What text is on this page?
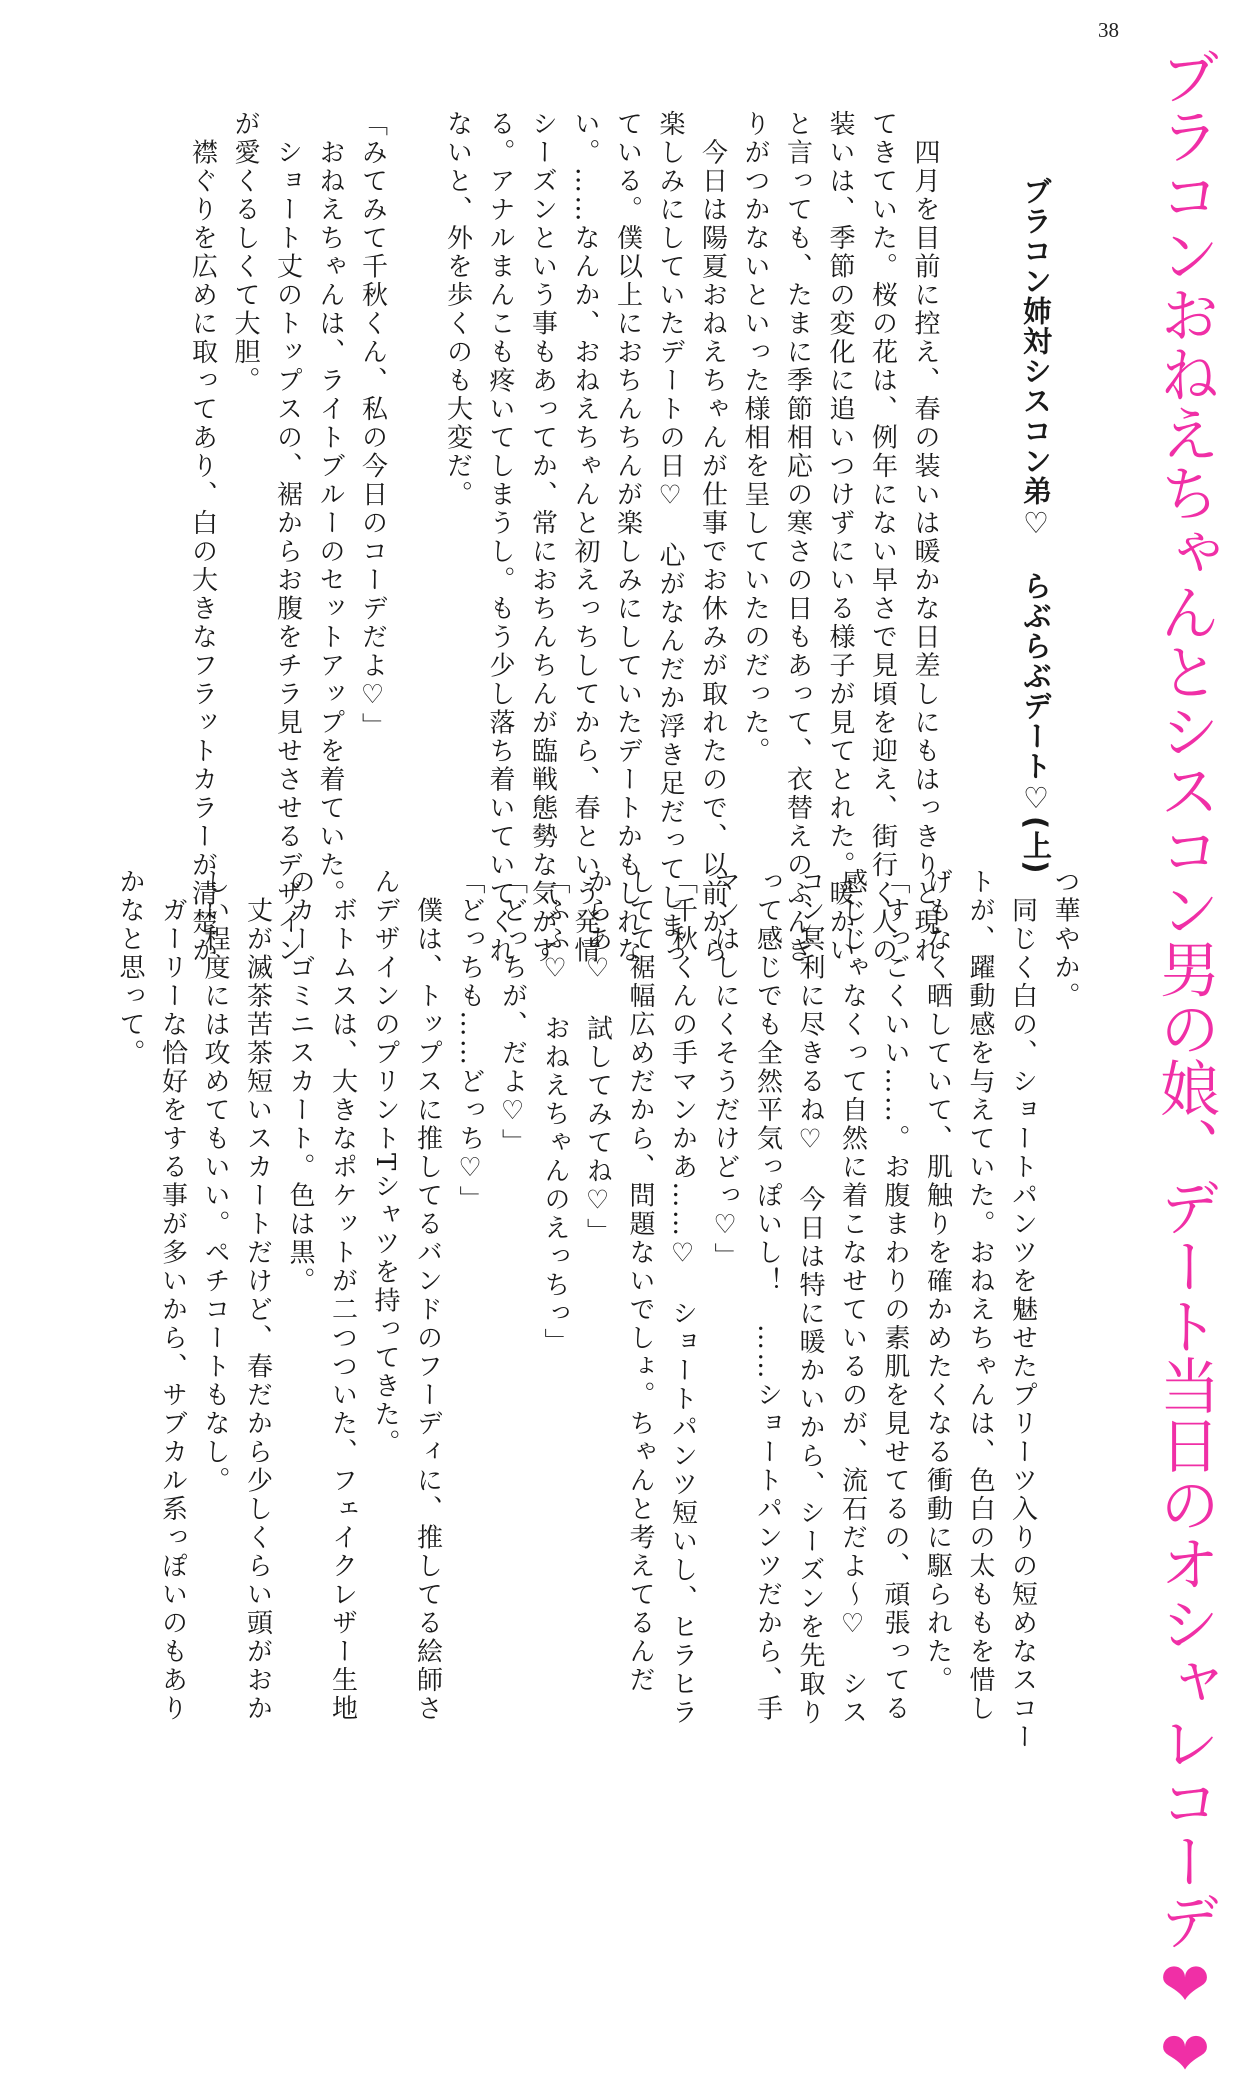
38
ブラコンおねえちゃんとシスコン男の娘、デート当日のオシャレコーデ❤❤
ブラコン姉対シスコン弟♡　らぶらぶデート♡(上)

　四月を目前に控え、春の装いは暖かな日差しにもはっきりと現れ

てきていた。桜の花は、例年にない早さで見頃を迎え、街行く人の

装いは、季節の変化に追いつけずにいる様子が見てとれた。暖かい

と言っても、たまに季節相応の寒さの日もあって、衣替えのふんぎ

りがつかないといった様相を呈していたのだった。

　今日は陽夏おねえちゃんが仕事でお休みが取れたので、以前から

楽しみにしていたデートの日♡　心がなんだか浮き足だってしまっ

ている。僕以上におちんちんが楽しみにしていたデートかもしれな

い。……なんか、おねえちゃんと初えっちしてから、春という発情

シーズンという事もあってか、常におちんちんが臨戦態勢な気がす

る。アナルまんこも疼いてしまうし。もう少し落ち着いていてくれ

ないと、外を歩くのも大変だ。

「みてみて千秋くん、私の今日のコーデだよ♡」

　おねえちゃんは、ライトブルーのセットアップを着ていた。

　ショート丈のトップスの、裾からお腹をチラ見せさせるデザイン

が愛くるしくて大胆。

　襟ぐりを広めに取ってあり、白の大きなフラットカラーが清楚か	つ華やか。

　同じく白の、ショートパンツを魅せたプリーツ入りの短めなスコー

トが、躍動感を与えていた。おねえちゃんは、色白の太ももを惜し

げもなく晒していて、肌触りを確かめたくなる衝動に駆られた。

「すっごくいい……。お腹まわりの素肌を見せてるの、頑張ってる

感じじゃなくって自然に着こなせているのが、流石だよ～♡　シス

コン冥利に尽きるね♡　今日は特に暖かいから、シーズンを先取り

って感じでも全然平気っぽいし！　……ショートパンツだから、手

マンはしにくそうだけどっ♡」

「千秋くんの手マンかあ……♡　ショートパンツ短いし、ヒラヒラ

してて裾幅広めだから、問題ないでしょ。ちゃんと考えてるんだ

からあ♡　試してみてね♡」

「ふふ♡　おねえちゃんのえっちっ」

「どっちが、だよ♡」

「どっちも……どっち♡」

　僕は、トップスに推してるバンドのフーディに、推してる絵師さ

んデザインのプリントTシャツを持ってきた。

　ボトムスは、大きなポケットが二つついた、フェイクレザー生地

のカーゴミニスカート。色は黒。

　丈が滅茶苦茶短いスカートだけど、春だから少しくらい頭がおか

しい程度には攻めてもいい。ペチコートもなし。

　ガーリーな恰好をする事が多いから、サブカル系っぽいのもあり

かなと思って。
